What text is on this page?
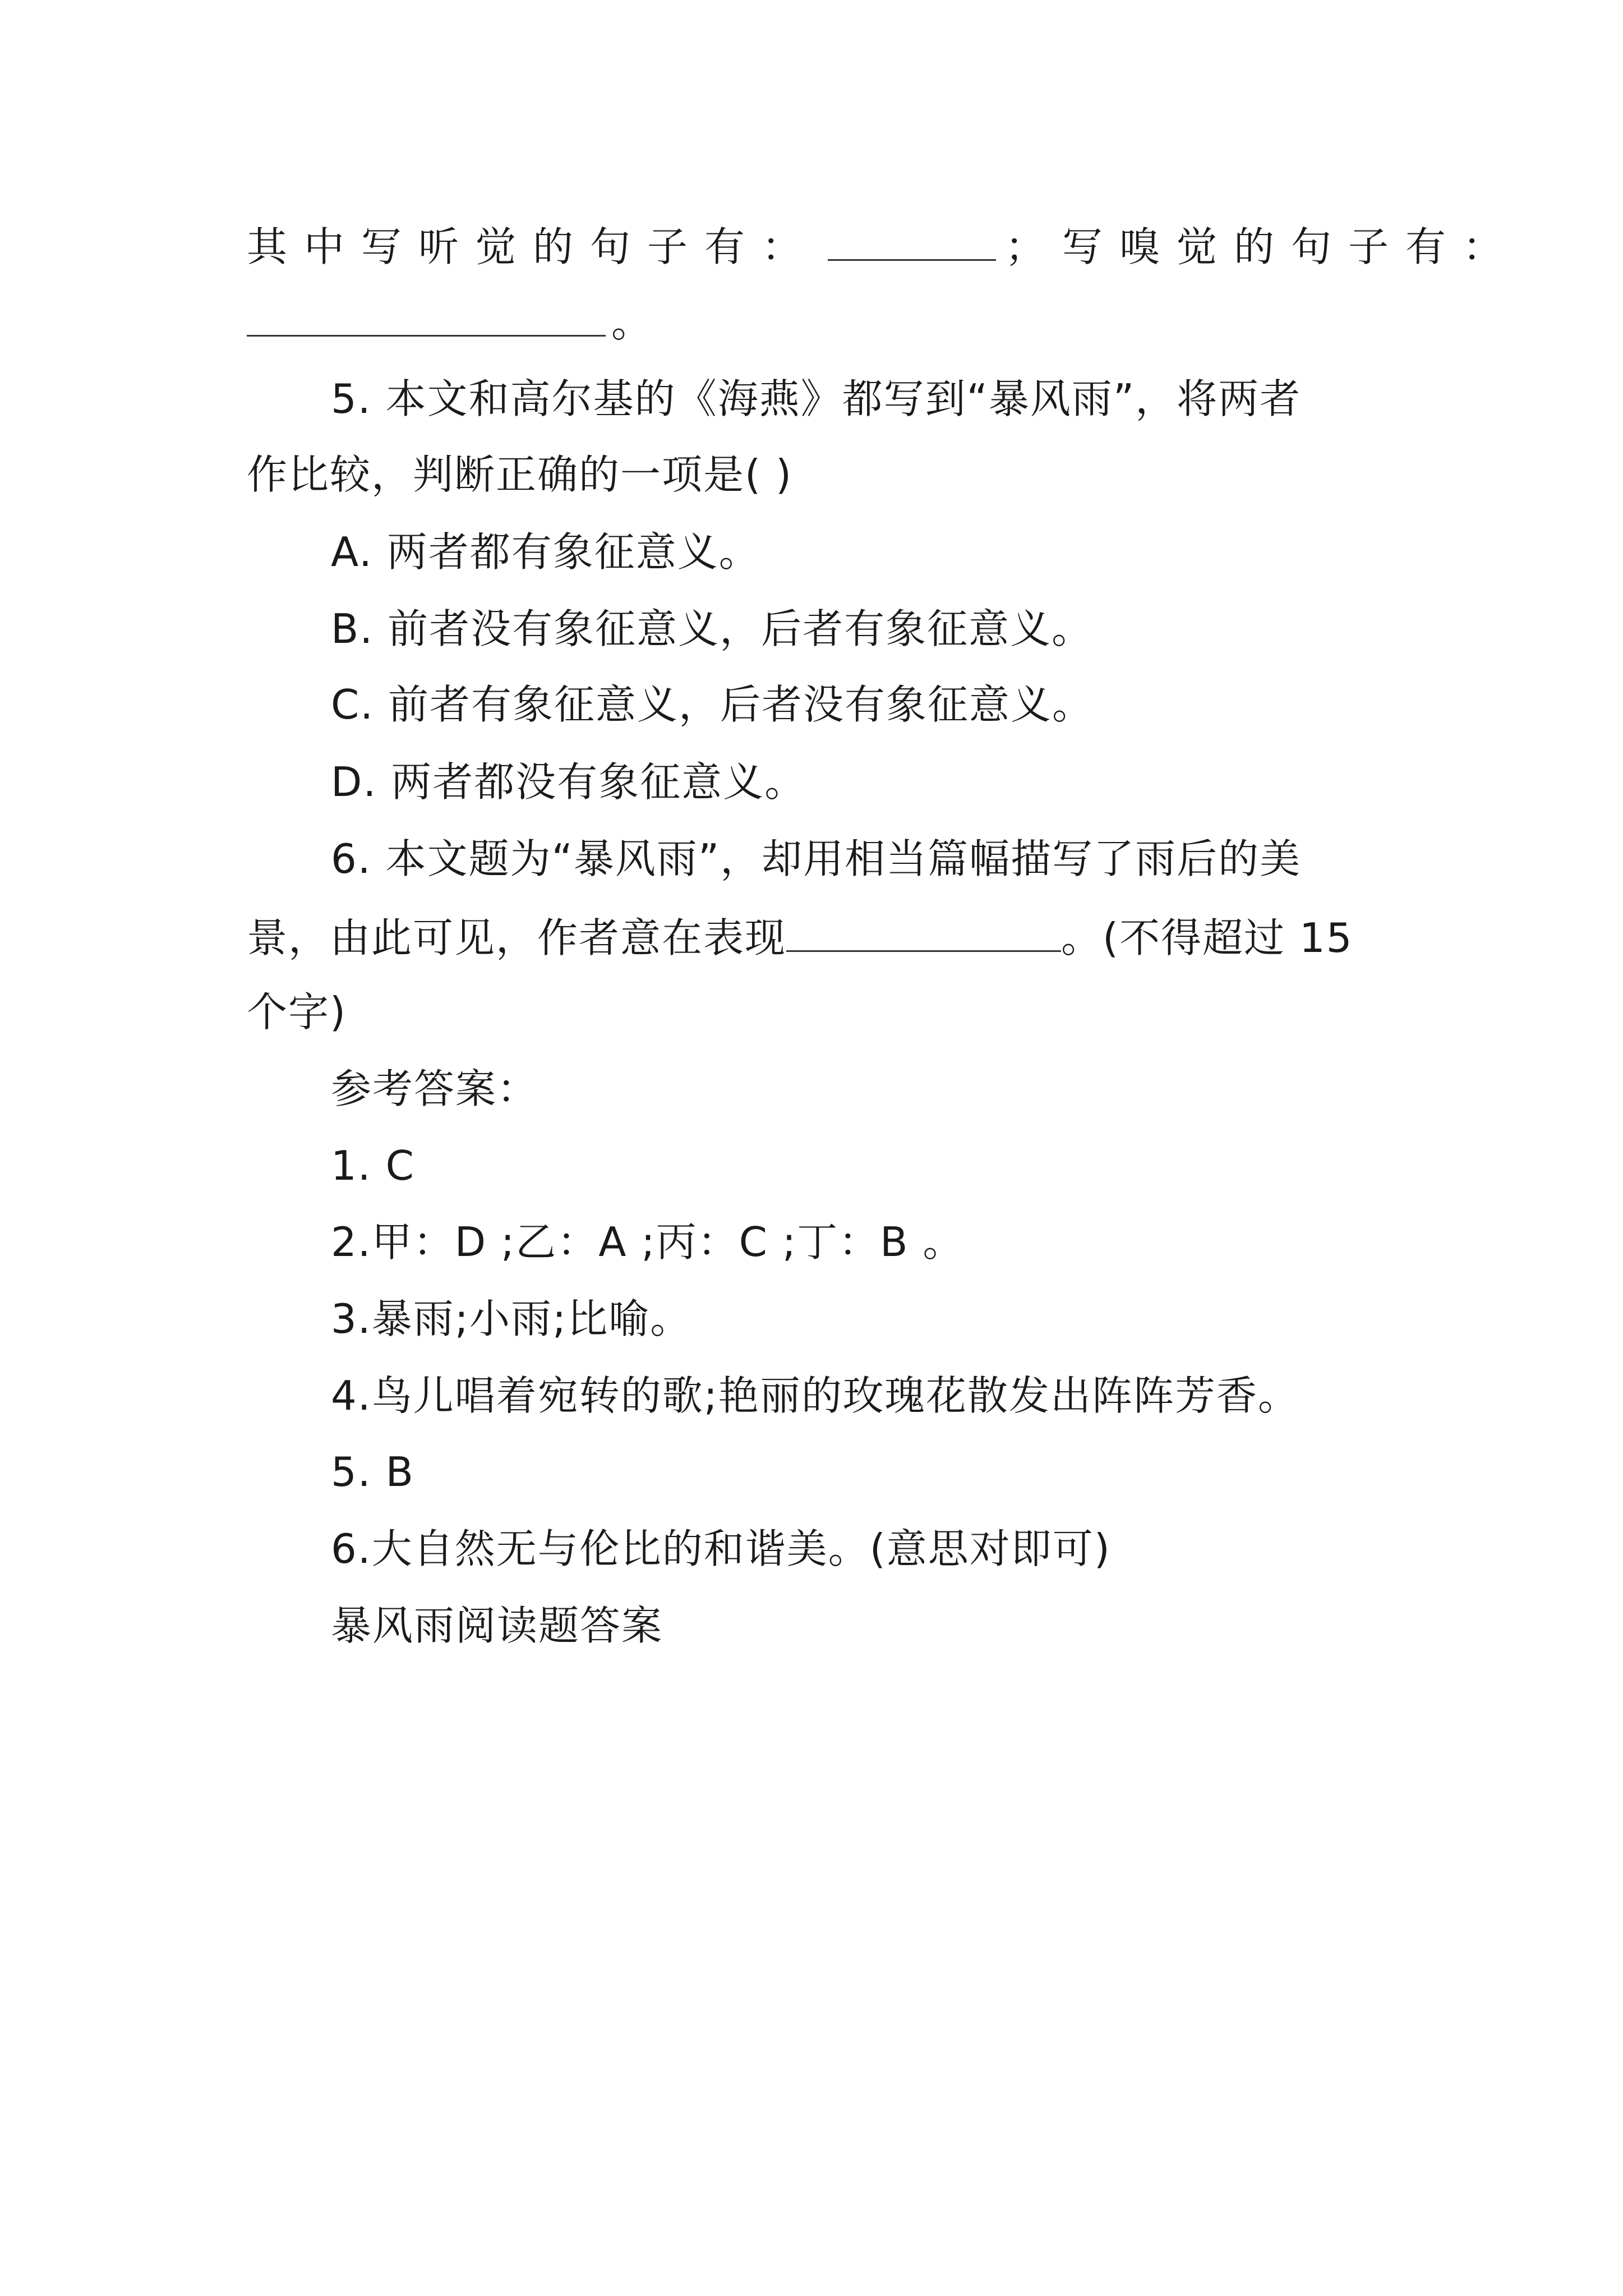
其中写听觉的句子有：	；写嗅觉的句子有：
。
5. 本文和高尔基的《海燕》都写到“暴风雨”，将两者
作比较，判断正确的一项是( )
A. 两者都有象征意义。
B. 前者没有象征意义，后者有象征意义。
C. 前者有象征意义，后者没有象征意义。
D. 两者都没有象征意义。
6. 本文题为“暴风雨”，却用相当篇幅描写了雨后的美
景，由此可见，作者意在表现	。(不得超过 15
个字)
参考答案：
1. C
2.甲：D ;乙：A ;丙：C ;丁：B 。
3.暴雨;小雨;比喻。
4.鸟儿唱着宛转的歌;艳丽的玫瑰花散发出阵阵芳香。
5. B
6.大自然无与伦比的和谐美。(意思对即可)
暴风雨阅读题答案
